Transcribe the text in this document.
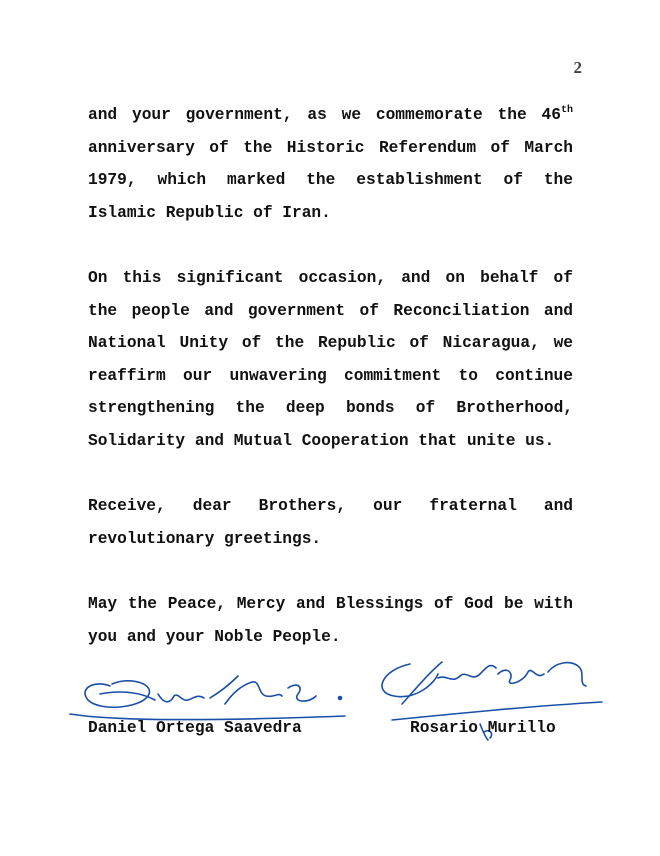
2

and your government, as we commemorate the 46th anniversary of the Historic Referendum of March 1979, which marked the establishment of the Islamic Republic of Iran.

On this significant occasion, and on behalf of the people and government of Reconciliation and National Unity of the Republic of Nicaragua, we reaffirm our unwavering commitment to continue strengthening the deep bonds of Brotherhood, Solidarity and Mutual Cooperation that unite us.

Receive, dear Brothers, our fraternal and revolutionary greetings.

May the Peace, Mercy and Blessings of God be with you and your Noble People.

Daniel Ortega Saavedra	Rosario Murillo
